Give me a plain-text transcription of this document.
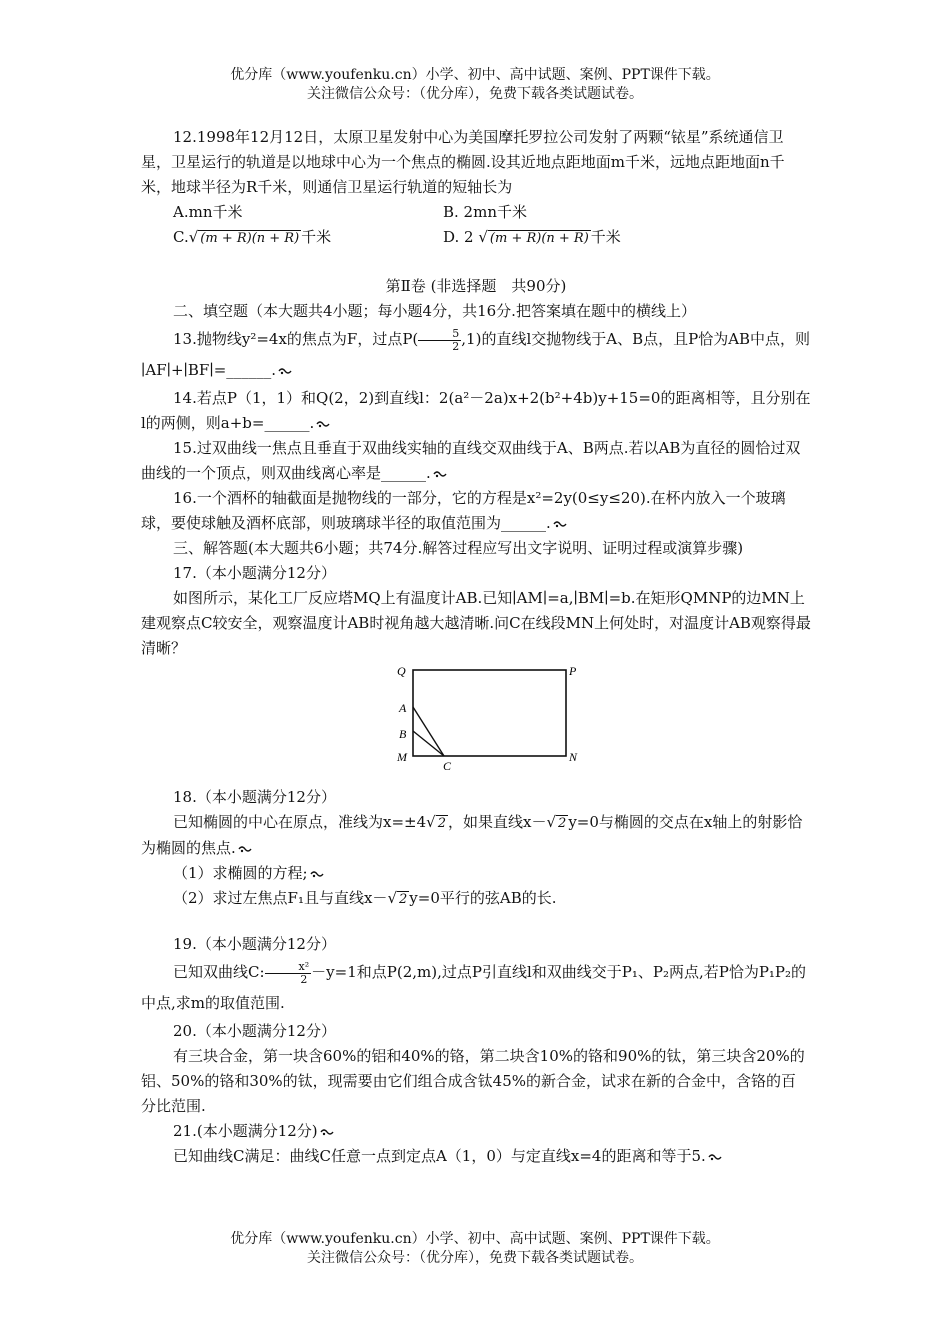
优分库（www.youfenku.cn）小学、初中、高中试题、案例、PPT课件下载。
关注微信公众号：（优分库），免费下载各类试题试卷。

12.1998年12月12日，太原卫星发射中心为美国摩托罗拉公司发射了两颗“铱星”系统通信卫星，卫星运行的轨道是以地球中心为一个焦点的椭圆.设其近地点距地面m千米，远地点距地面n千米，地球半径为R千米，则通信卫星运行轨道的短轴长为

A.mn千米	B. 2mn千米
C.√ (m + R)(n + R) 千米	D. 2 √ (m + R)(n + R) 千米

第Ⅱ卷 (非选择题　共90分)

二、填空题（本大题共4小题；每小题4分，共16分.把答案填在题中的横线上）

13.抛物线y²=4x的焦点为F，过点$P( \frac{5}{2} ,1)$的直线l交抛物线于A、B点，且P恰为AB中点，则∣AF∣+∣BF∣=______.

14.若点P（1，1）和Q(2，2)到直线l：2(a²－2a)x+2(b²+4b)y+15=0的距离相等，且分别在l的两侧，则a+b=______.

15.过双曲线一焦点且垂直于双曲线实轴的直线交双曲线于A、B两点.若以AB为直径的圆恰过双曲线的一个顶点，则双曲线离心率是______.

16.一个酒杯的轴截面是抛物线的一部分，它的方程是x²=2y(0≤y≤20).在杯内放入一个玻璃球，要使球触及酒杯底部，则玻璃球半径的取值范围为______.

三、解答题(本大题共6小题；共74分.解答过程应写出文字说明、证明过程或演算步骤)

17.（本小题满分12分）

如图所示，某化工厂反应塔MQ上有温度计AB.已知∣AM∣=a,∣BM∣=b.在矩形QMNP的边MN上建观察点C较安全，观察温度计AB时视角越大越清晰.问C在线段MN上何处时，对温度计AB观察得最清晰？

Q	P
A
B
M
C
N

18.（本小题满分12分）

已知椭圆的中心在原点，准线为x=±4√ 2 ，如果直线x－√ 2 y=0与椭圆的交点在x轴上的射影恰为椭圆的焦点.

（1）求椭圆的方程;

（2）求过左焦点F₁且与直线x－√ 2 y=0平行的弦AB的长.

19.（本小题满分12分）

已知双曲线C: $\frac{\text{x²}}{2} -y=1$和点P(2,m),过点P引直线l和双曲线交于P₁、P₂两点,若P恰为P₁P₂的中点,求m的取值范围.

20.（本小题满分12分）

有三块合金，第一块含60%的铝和40%的铬，第二块含10%的铬和90%的钛，第三块含20%的铝、50%的铬和30%的钛，现需要由它们组合成含钛45%的新合金，试求在新的合金中，含铬的百分比范围.

21.(本小题满分12分)

已知曲线C满足：曲线C任意一点到定点A（1，0）与定直线x=4的距离和等于5.

优分库（www.youfenku.cn）小学、初中、高中试题、案例、PPT课件下载。
关注微信公众号：（优分库），免费下载各类试题试卷。
